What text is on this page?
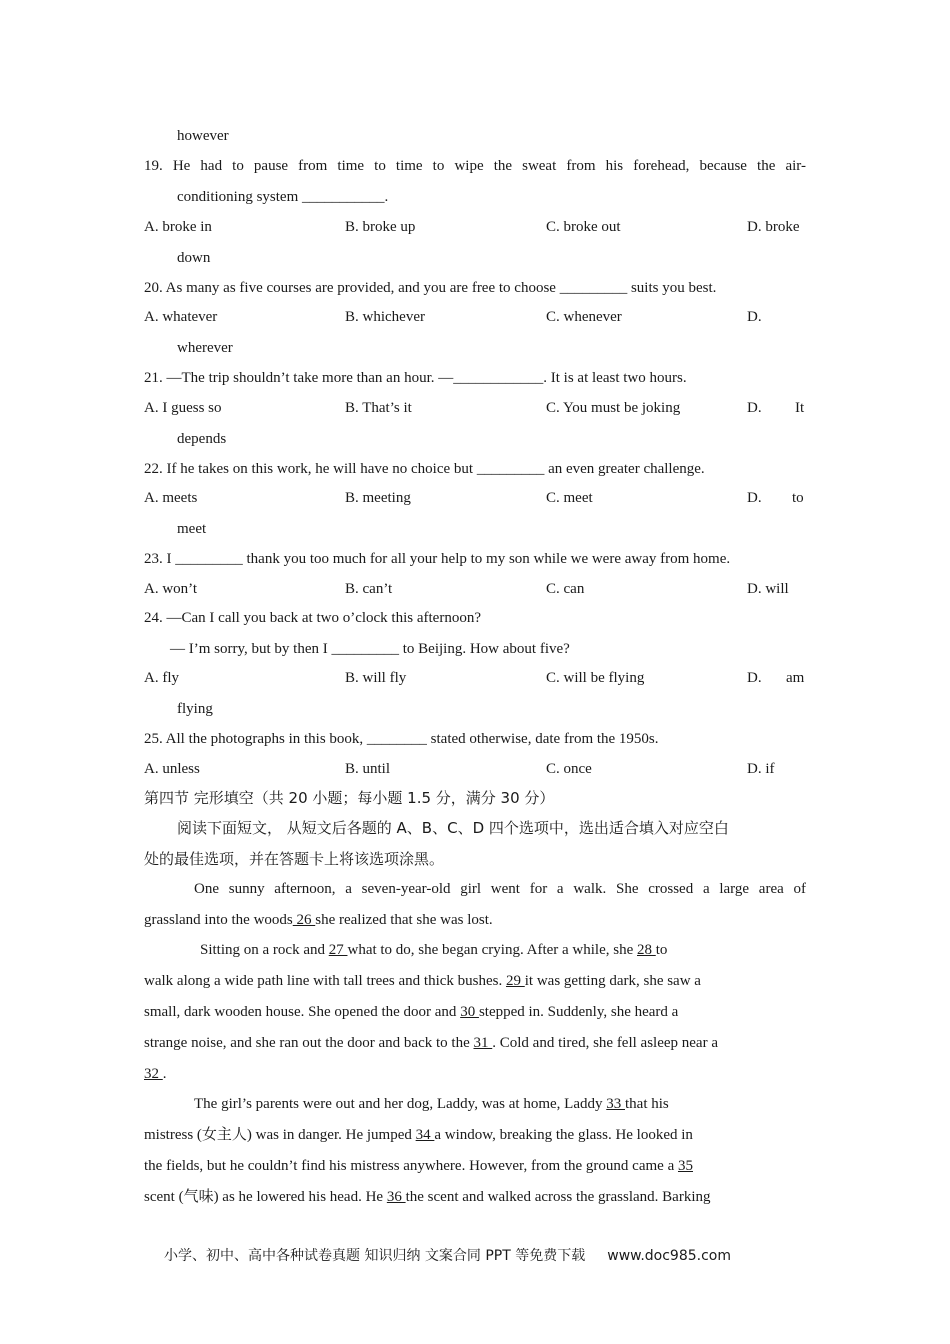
however
19. He had to pause from time to time to wipe the sweat from his forehead, because the air-
conditioning system ___________.
A. broke in	B. broke up	C. broke out	D. broke
down
20. As many as five courses are provided, and you are free to choose _________ suits you best.
A. whatever	B. whichever	C. whenever	D.
wherever
21. —The trip shouldn’t take more than an hour. —____________. It is at least two hours.
A. I guess so	B. That’s it	C. You must be joking	D. It
depends
22. If he takes on this work, he will have no choice but _________ an even greater challenge.
A. meets	B. meeting	C. meet	D. to
meet
23. I _________ thank you too much for all your help to my son while we were away from home.
A. won’t	B. can’t	C. can	D. will
24. —Can I call you back at two o’clock this afternoon?
— I’m sorry, but by then I _________ to Beijing. How about five?
A. fly	B. will fly	C. will be flying	D. am
flying
25. All the photographs in this book, ________ stated otherwise, date from the 1950s.
A. unless	B. until	C. once	D. if
第四节 完形填空（共 20 小题；每小题 1.5 分，满分 30 分）
阅读下面短文， 从短文后各题的 A、B、C、D 四个选项中，选出适合填入对应空白
处的最佳选项，并在答题卡上将该选项涂黑。
One sunny afternoon, a seven-year-old girl went for a walk. She crossed a large area of
grassland into the woods 26 she realized that she was lost.
Sitting on a rock and 27 what to do, she began crying. After a while, she 28 to
walk along a wide path line with tall trees and thick bushes. 29 it was getting dark, she saw a
small, dark wooden house. She opened the door and 30 stepped in. Suddenly, she heard a
strange noise, and she ran out the door and back to the 31 . Cold and tired, she fell asleep near a
32 .
The girl’s parents were out and her dog, Laddy, was at home, Laddy 33 that his
mistress (女主人) was in danger. He jumped 34 a window, breaking the glass. He looked in
the fields, but he couldn’t find his mistress anywhere. However, from the ground came a 35
scent (气味) as he lowered his head. He 36 the scent and walked across the grassland. Barking
小学、初中、高中各种试卷真题 知识归纳 文案合同 PPT 等免费下载 www.doc985.com
